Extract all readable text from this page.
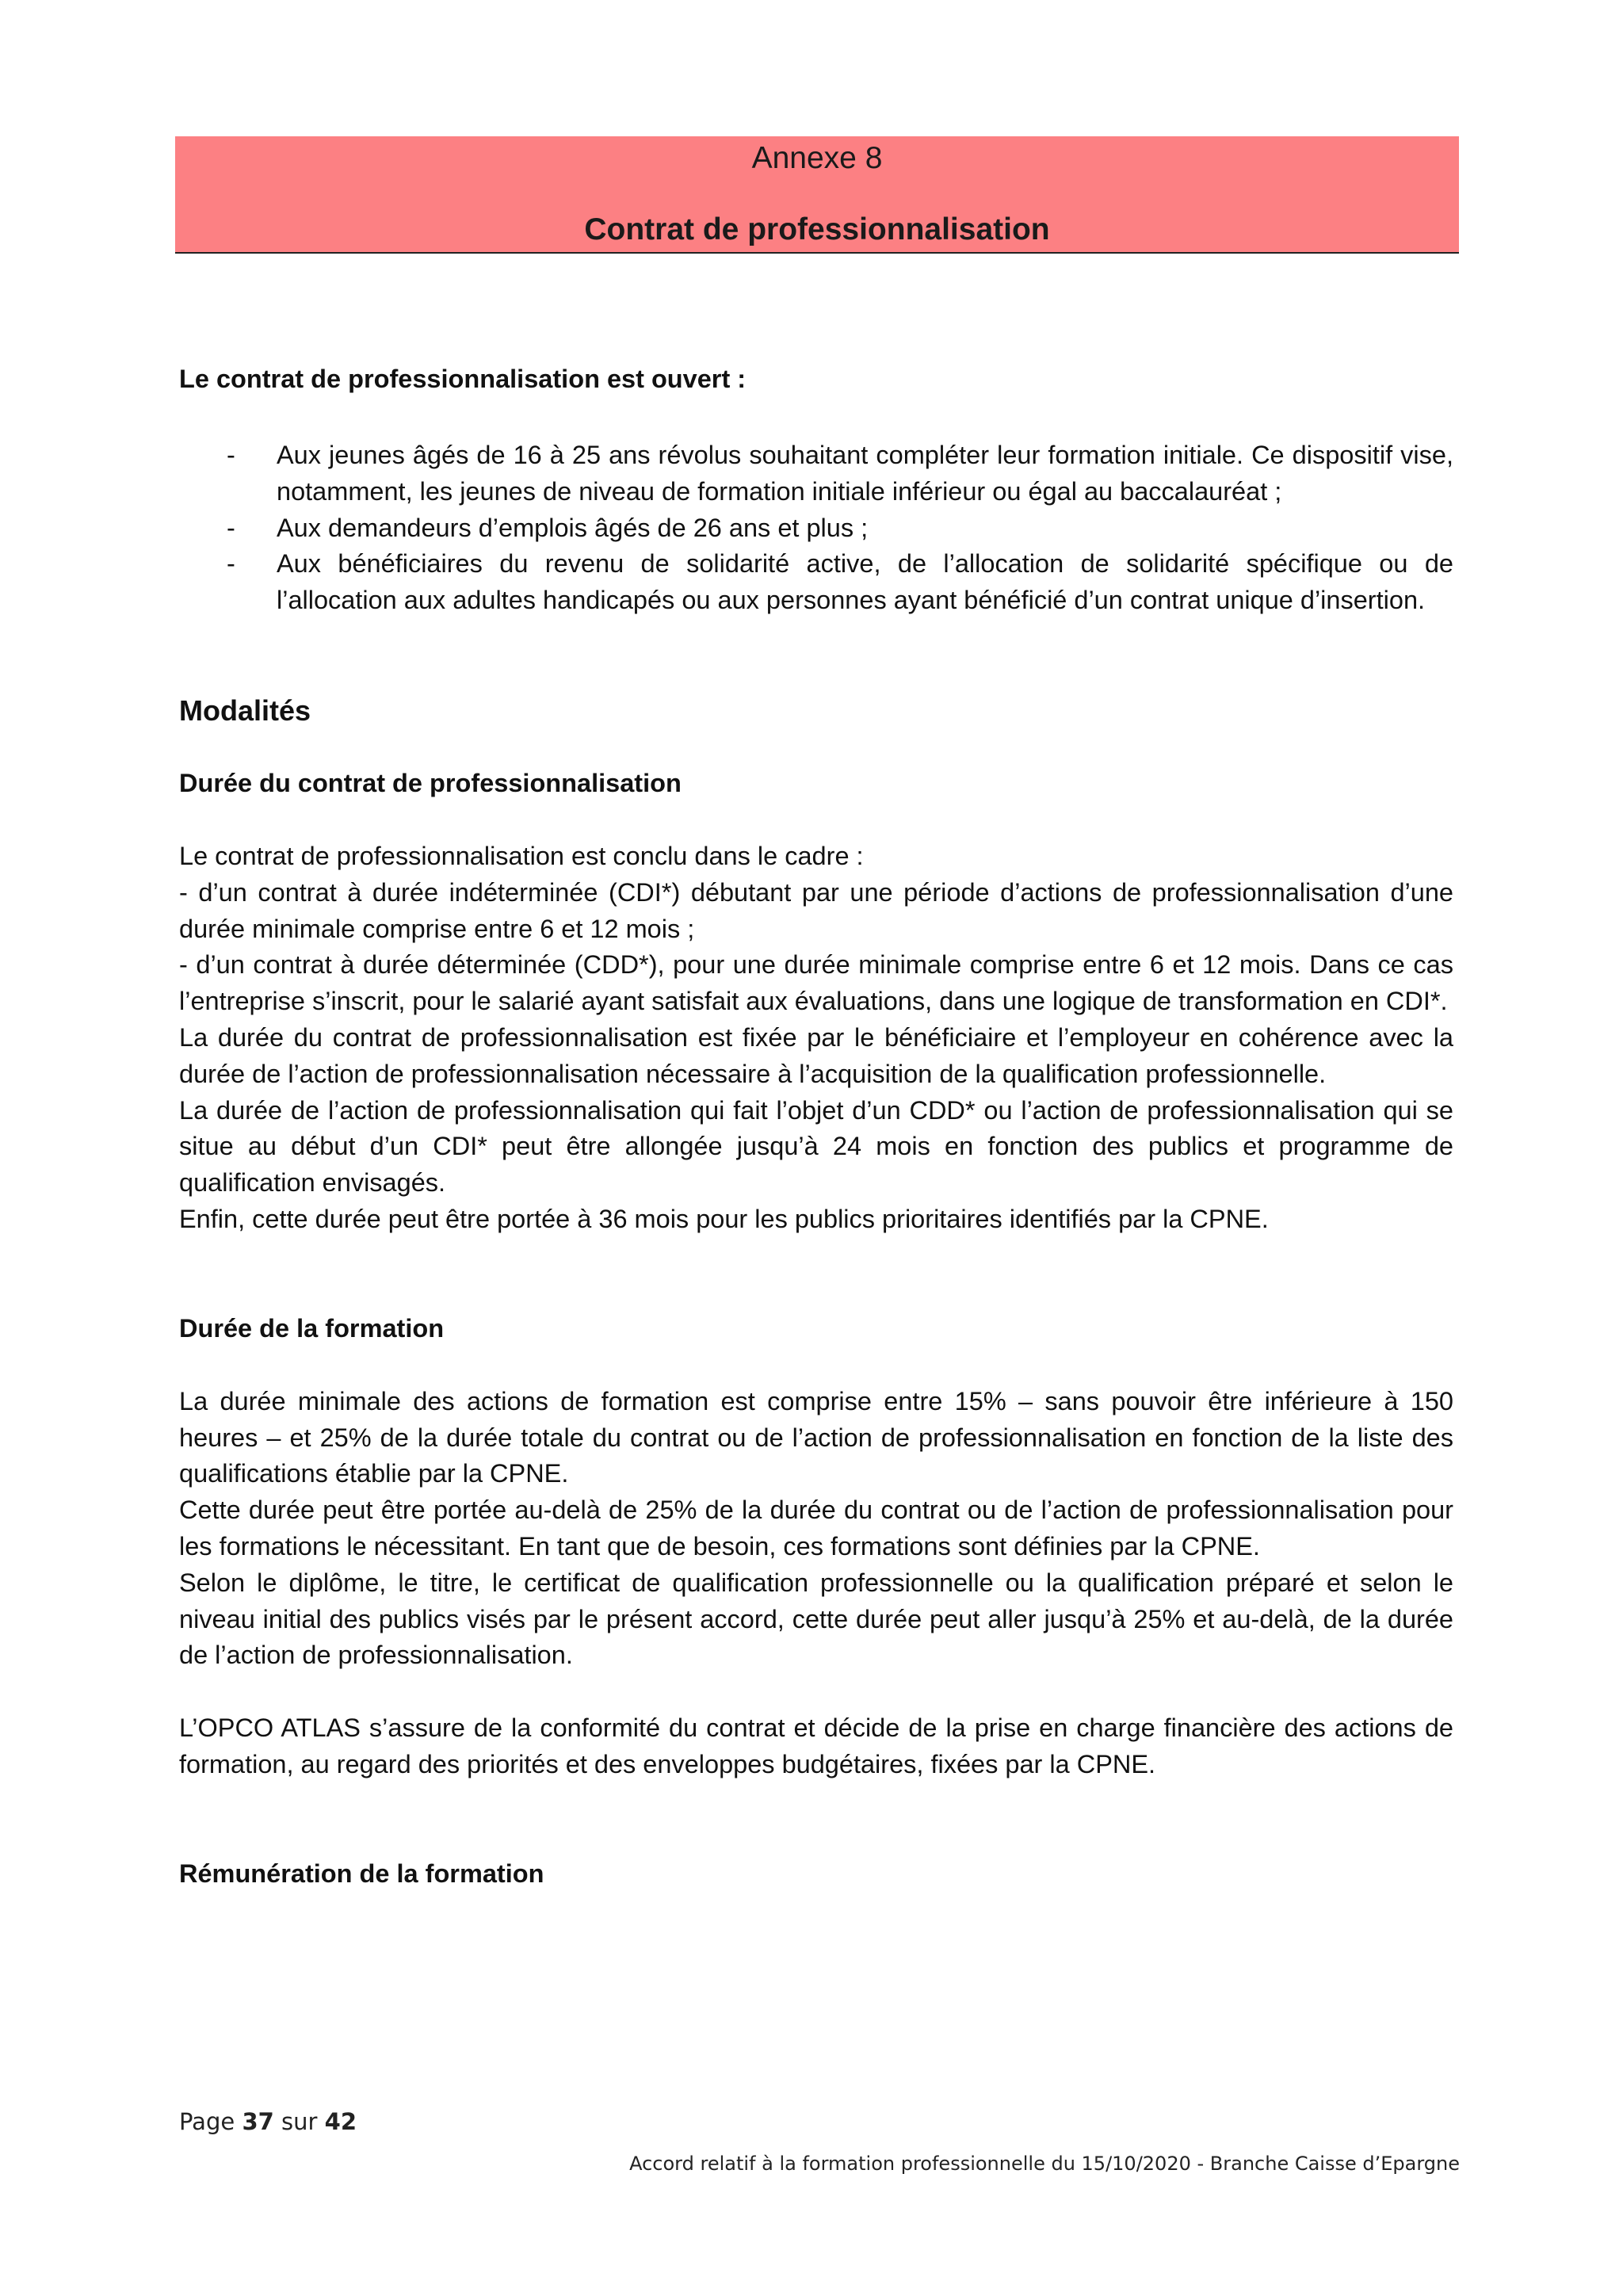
Annexe 8
Contrat de professionnalisation

Le contrat de professionnalisation est ouvert :

- Aux jeunes âgés de 16 à 25 ans révolus souhaitant compléter leur formation initiale. Ce dispositif vise, notamment, les jeunes de niveau de formation initiale inférieur ou égal au baccalauréat ;
- Aux demandeurs d’emplois âgés de 26 ans et plus ;
- Aux bénéficiaires du revenu de solidarité active, de l’allocation de solidarité spécifique ou de l’allocation aux adultes handicapés ou aux personnes ayant bénéficié d’un contrat unique d’insertion.

Modalités

Durée du contrat de professionnalisation

Le contrat de professionnalisation est conclu dans le cadre :

- d’un contrat à durée indéterminée (CDI*) débutant par une période d’actions de professionnalisation d’une durée minimale comprise entre 6 et 12 mois ;

- d’un contrat à durée déterminée (CDD*), pour une durée minimale comprise entre 6 et 12 mois. Dans ce cas l’entreprise s’inscrit, pour le salarié ayant satisfait aux évaluations, dans une logique de transformation en CDI*.

La durée du contrat de professionnalisation est fixée par le bénéficiaire et l’employeur en cohérence avec la durée de l’action de professionnalisation nécessaire à l’acquisition de la qualification professionnelle.

La durée de l’action de professionnalisation qui fait l’objet d’un CDD* ou l’action de professionnalisation qui se situe au début d’un CDI* peut être allongée jusqu’à 24 mois en fonction des publics et programme de qualification envisagés.

Enfin, cette durée peut être portée à 36 mois pour les publics prioritaires identifiés par la CPNE.

Durée de la formation

La durée minimale des actions de formation est comprise entre 15% – sans pouvoir être inférieure à 150 heures – et 25% de la durée totale du contrat ou de l’action de professionnalisation en fonction de la liste des qualifications établie par la CPNE.

Cette durée peut être portée au-delà de 25% de la durée du contrat ou de l’action de professionnalisation pour les formations le nécessitant. En tant que de besoin, ces formations sont définies par la CPNE.

Selon le diplôme, le titre, le certificat de qualification professionnelle ou la qualification préparé et selon le niveau initial des publics visés par le présent accord, cette durée peut aller jusqu’à 25% et au-delà, de la durée de l’action de professionnalisation.

L’OPCO ATLAS s’assure de la conformité du contrat et décide de la prise en charge financière des actions de formation, au regard des priorités et des enveloppes budgétaires, fixées par la CPNE.

Rémunération de la formation

Page 37 sur 42
Accord relatif à la formation professionnelle du 15/10/2020 - Branche Caisse d’Epargne
